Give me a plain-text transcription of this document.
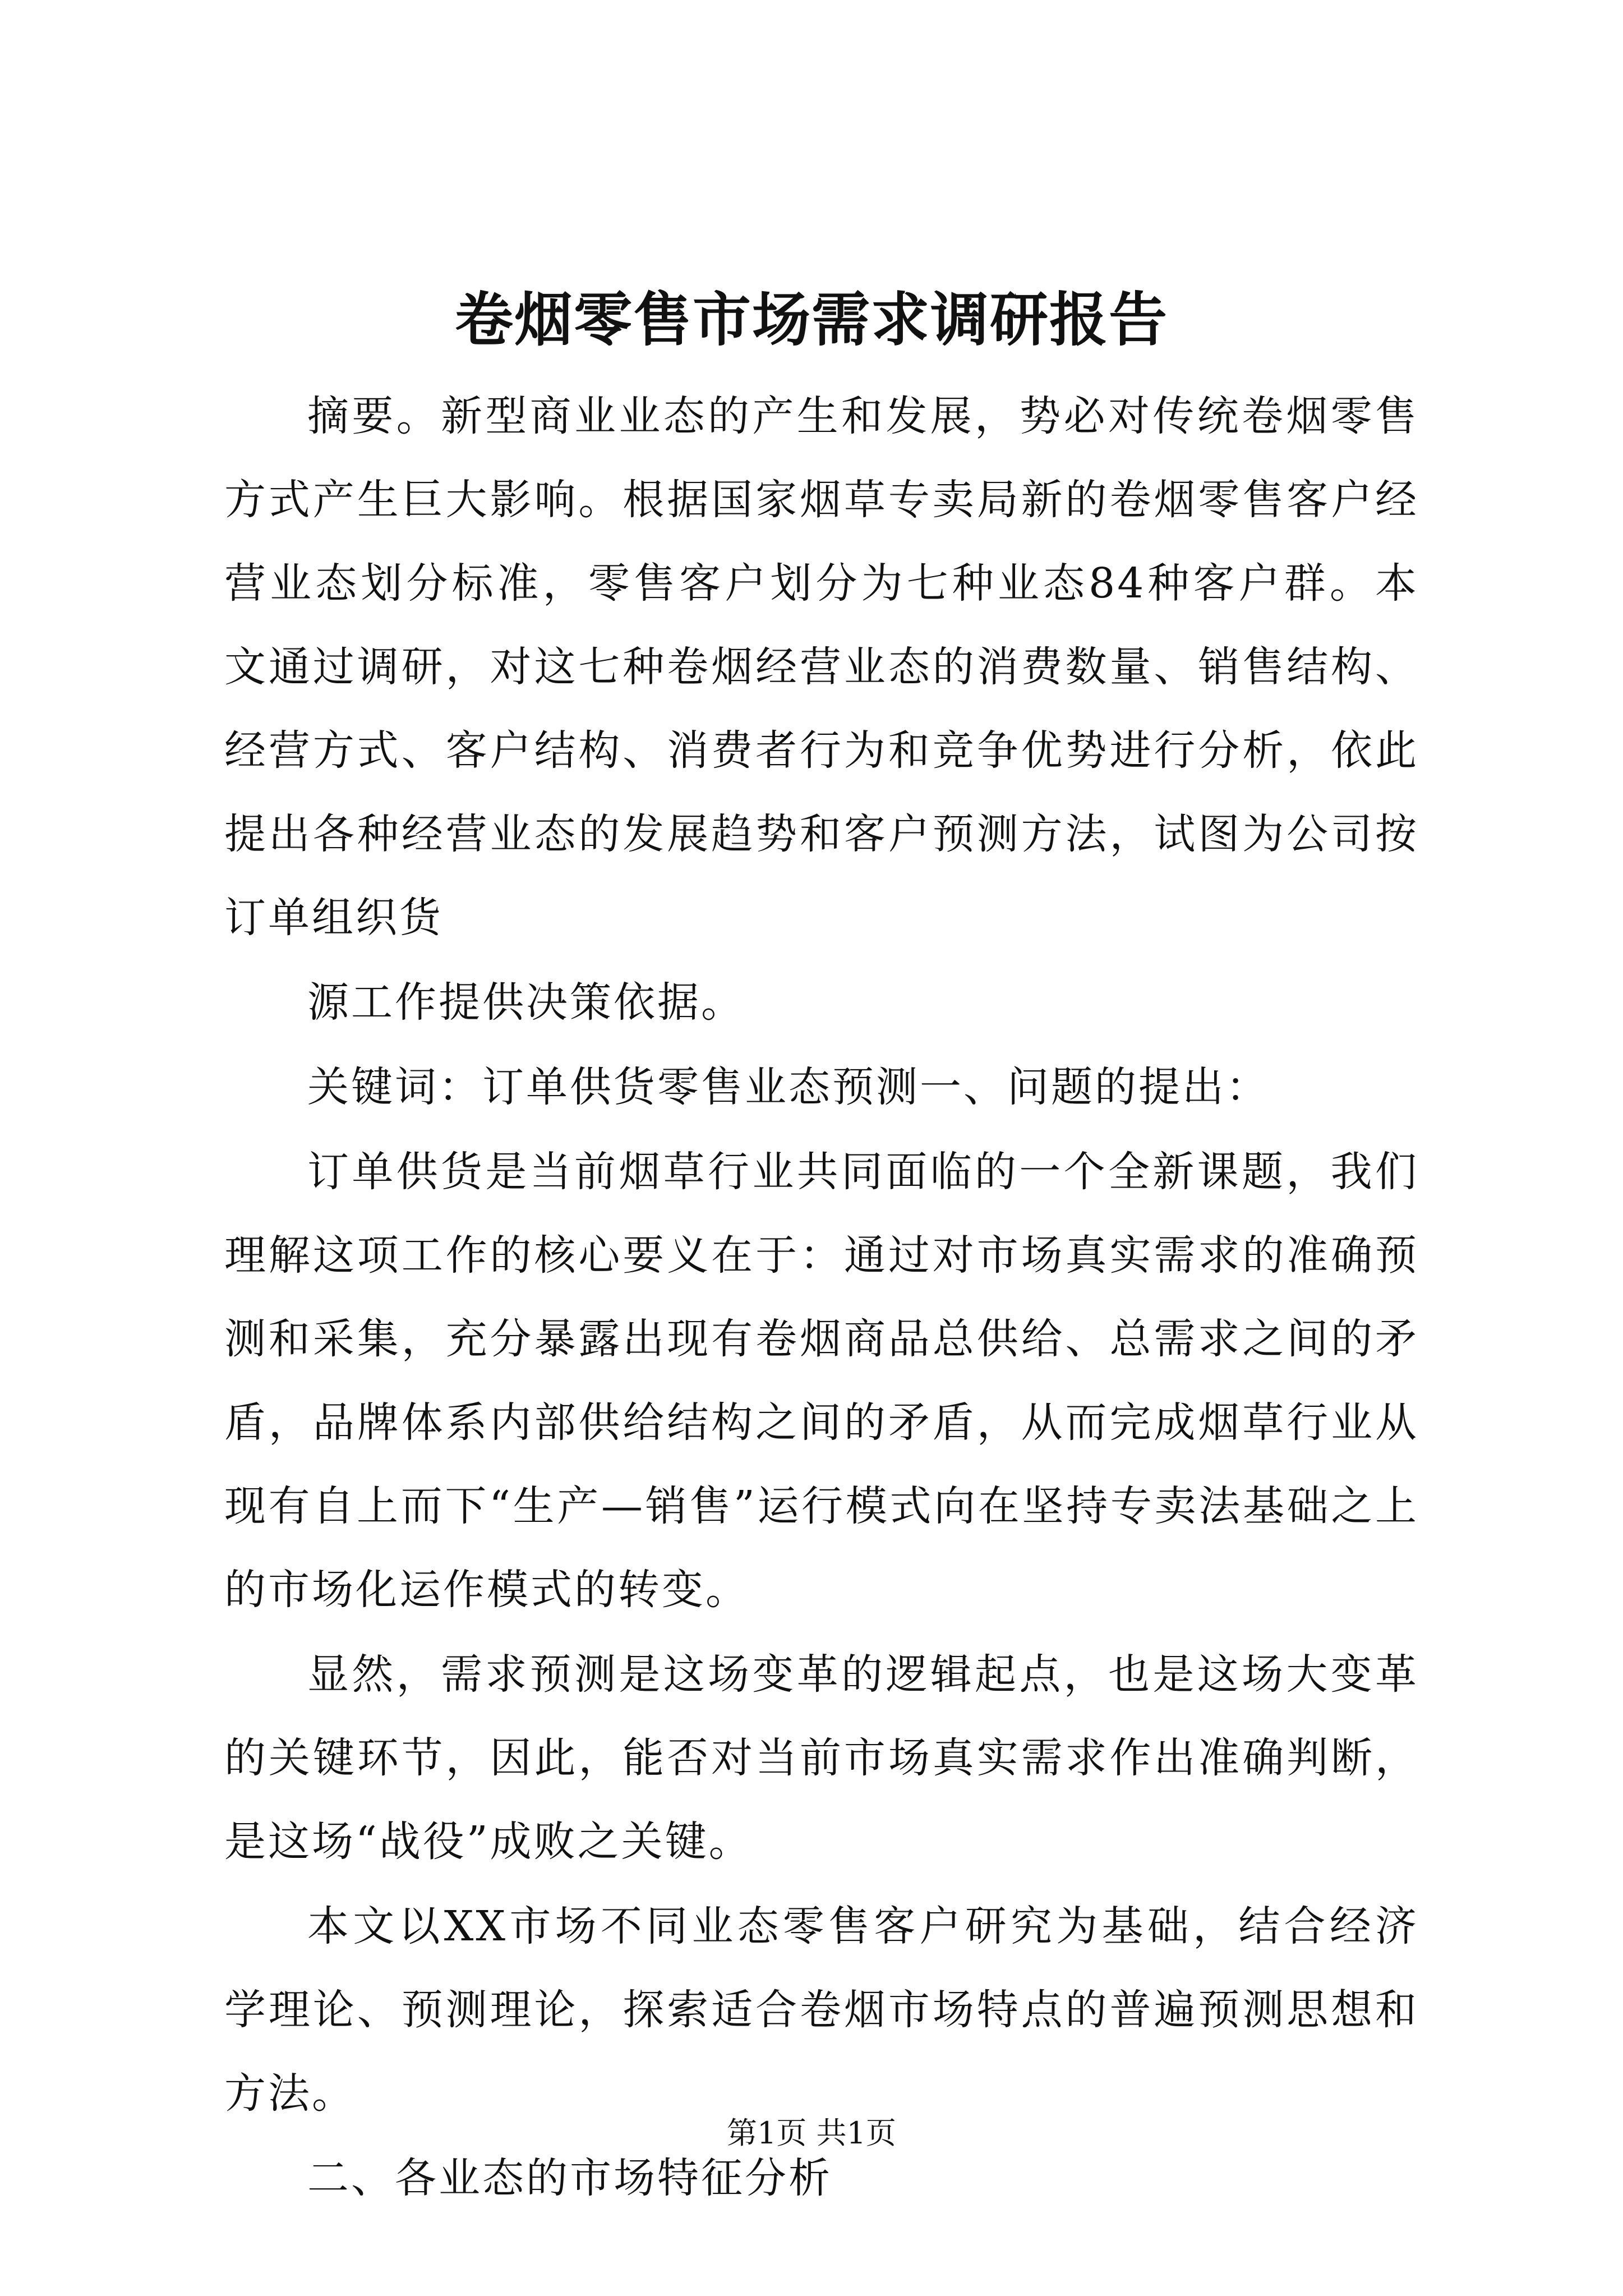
卷烟零售市场需求调研报告

摘要。新型商业业态的产生和发展，势必对传统卷烟零售方式产生巨大影响。根据国家烟草专卖局新的卷烟零售客户经营业态划分标准，零售客户划分为七种业态84种客户群。本文通过调研，对这七种卷烟经营业态的消费数量、销售结构、经营方式、客户结构、消费者行为和竞争优势进行分析，依此提出各种经营业态的发展趋势和客户预测方法，试图为公司按订单组织货

源工作提供决策依据。

关键词：订单供货零售业态预测一、问题的提出：

订单供货是当前烟草行业共同面临的一个全新课题，我们理解这项工作的核心要义在于：通过对市场真实需求的准确预测和采集，充分暴露出现有卷烟商品总供给、总需求之间的矛盾，品牌体系内部供给结构之间的矛盾，从而完成烟草行业从现有自上而下“生产—销售”运行模式向在坚持专卖法基础之上的市场化运作模式的转变。

显然，需求预测是这场变革的逻辑起点，也是这场大变革的关键环节，因此，能否对当前市场真实需求作出准确判断，是这场“战役”成败之关键。

本文以XX市场不同业态零售客户研究为基础，结合经济学理论、预测理论，探索适合卷烟市场特点的普遍预测思想和方法。

二、各业态的市场特征分析

第1页 共1页
